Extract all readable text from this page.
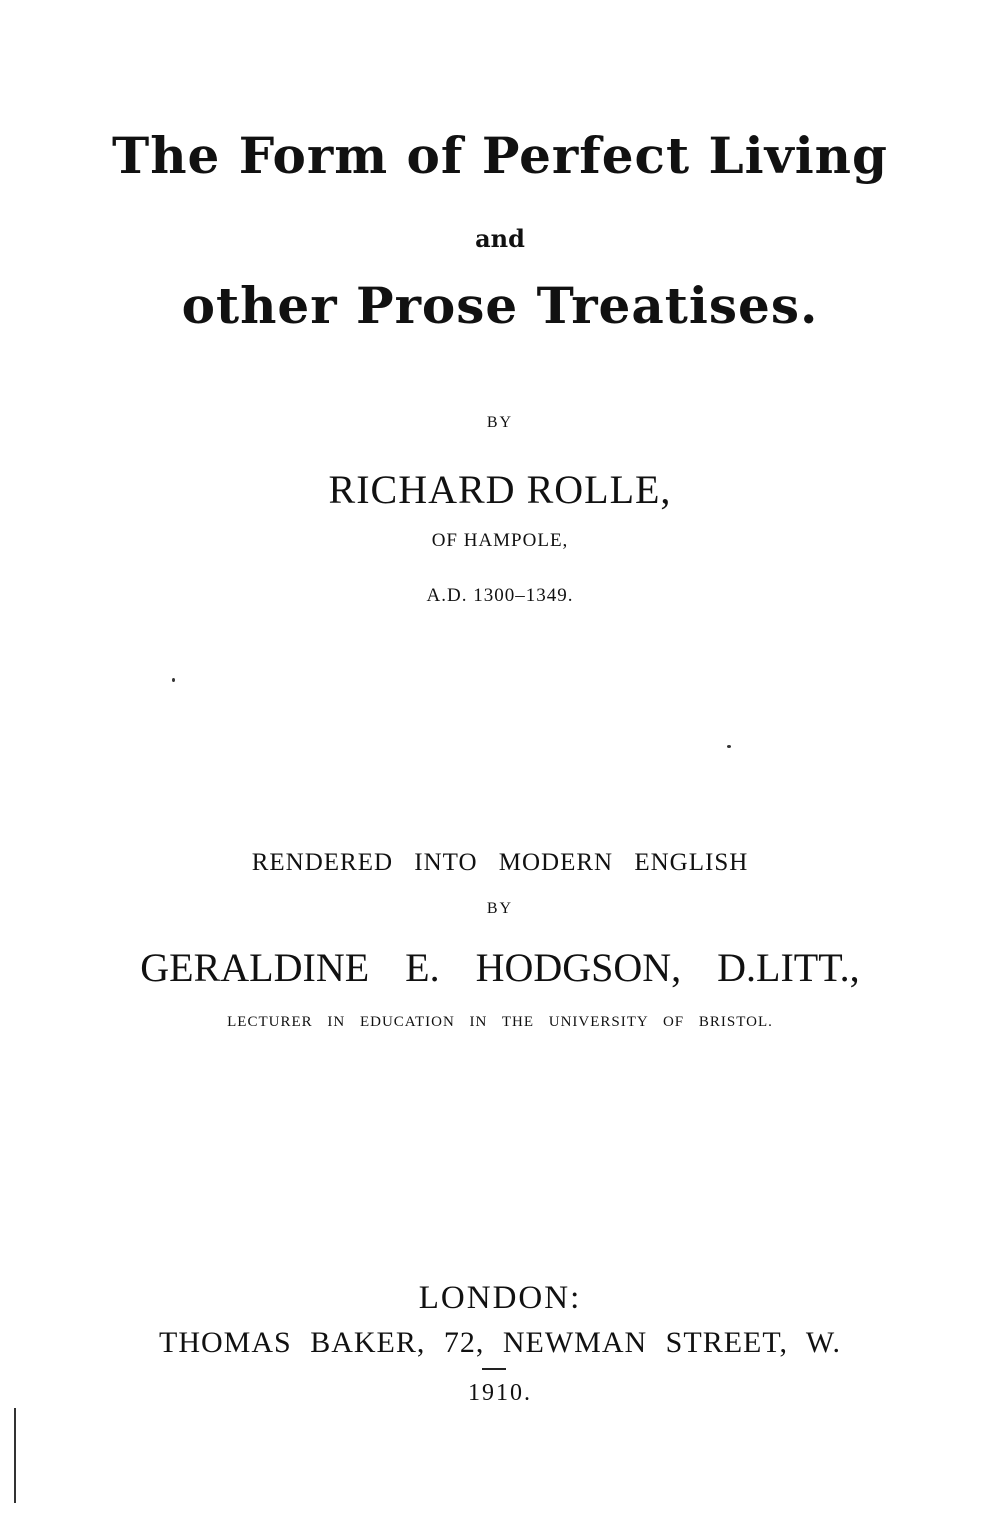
The Form of Perfect Living
and
other Prose Treatises.
BY
RICHARD ROLLE,
OF HAMPOLE,
A.D. 1300–1349.
RENDERED INTO MODERN ENGLISH
BY
GERALDINE E. HODGSON, D.LITT.,
LECTURER IN EDUCATION IN THE UNIVERSITY OF BRISTOL.
LONDON:
THOMAS BAKER, 72, NEWMAN STREET, W.
1910.
